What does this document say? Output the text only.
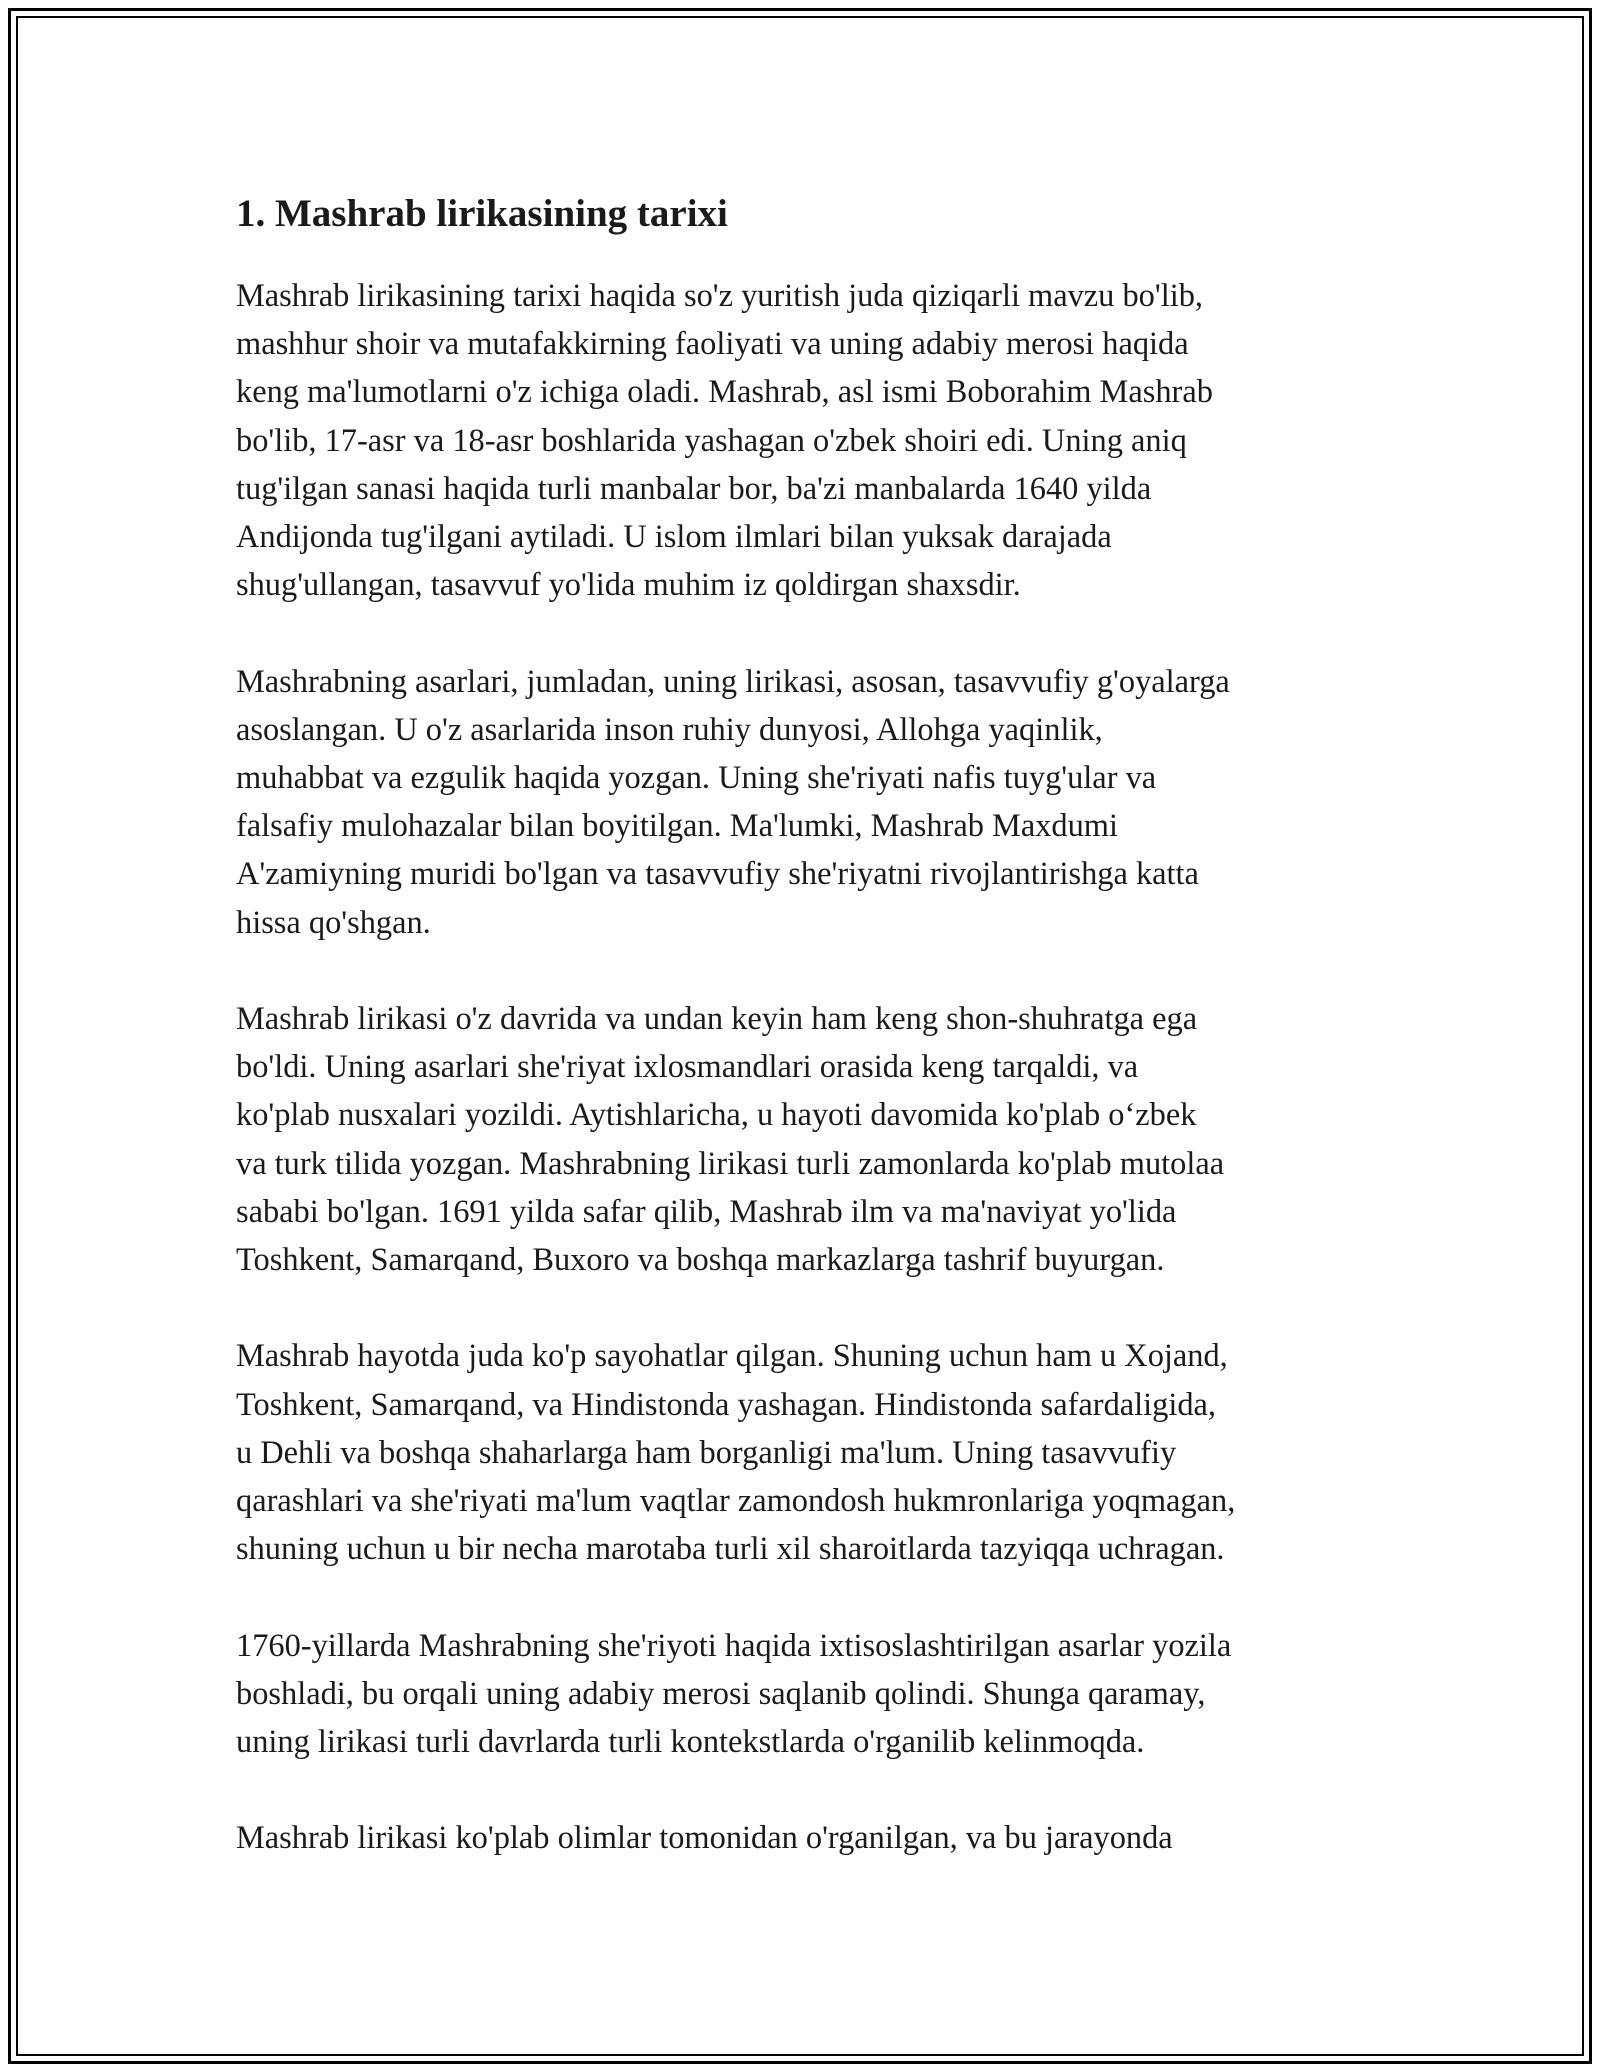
1. Mashrab lirikasining tarixi

Mashrab lirikasining tarixi haqida so'z yuritish juda qiziqarli mavzu bo'lib,
mashhur shoir va mutafakkirning faoliyati va uning adabiy merosi haqida
keng ma'lumotlarni o'z ichiga oladi. Mashrab, asl ismi Boborahim Mashrab
bo'lib, 17-asr va 18-asr boshlarida yashagan o'zbek shoiri edi. Uning aniq
tug'ilgan sanasi haqida turli manbalar bor, ba'zi manbalarda 1640 yilda
Andijonda tug'ilgani aytiladi. U islom ilmlari bilan yuksak darajada
shug'ullangan, tasavvuf yo'lida muhim iz qoldirgan shaxsdir.

Mashrabning asarlari, jumladan, uning lirikasi, asosan, tasavvufiy g'oyalarga
asoslangan. U o'z asarlarida inson ruhiy dunyosi, Allohga yaqinlik,
muhabbat va ezgulik haqida yozgan. Uning she'riyati nafis tuyg'ular va
falsafiy mulohazalar bilan boyitilgan. Ma'lumki, Mashrab Maxdumi
A'zamiyning muridi bo'lgan va tasavvufiy she'riyatni rivojlantirishga katta
hissa qo'shgan.

Mashrab lirikasi o'z davrida va undan keyin ham keng shon-shuhratga ega
bo'ldi. Uning asarlari she'riyat ixlosmandlari orasida keng tarqaldi, va
ko'plab nusxalari yozildi. Aytishlaricha, u hayoti davomida ko'plab o‘zbek
va turk tilida yozgan. Mashrabning lirikasi turli zamonlarda ko'plab mutolaa
sababi bo'lgan. 1691 yilda safar qilib, Mashrab ilm va ma'naviyat yo'lida
Toshkent, Samarqand, Buxoro va boshqa markazlarga tashrif buyurgan.

Mashrab hayotda juda ko'p sayohatlar qilgan. Shuning uchun ham u Xojand,
Toshkent, Samarqand, va Hindistonda yashagan. Hindistonda safardaligida,
u Dehli va boshqa shaharlarga ham borganligi ma'lum. Uning tasavvufiy
qarashlari va she'riyati ma'lum vaqtlar zamondosh hukmronlariga yoqmagan,
shuning uchun u bir necha marotaba turli xil sharoitlarda tazyiqqa uchragan.

1760-yillarda Mashrabning she'riyoti haqida ixtisoslashtirilgan asarlar yozila
boshladi, bu orqali uning adabiy merosi saqlanib qolindi. Shunga qaramay,
uning lirikasi turli davrlarda turli kontekstlarda o'rganilib kelinmoqda.

Mashrab lirikasi ko'plab olimlar tomonidan o'rganilgan, va bu jarayonda
